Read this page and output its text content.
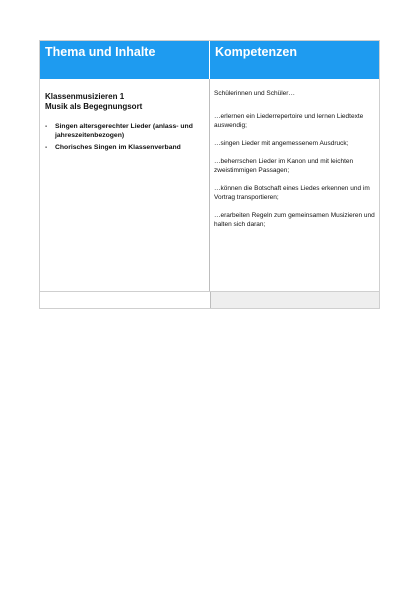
Thema und Inhalte	Kompetenzen
Klassenmusizieren 1
Musik als Begegnungsort
- Singen altersgerechter Lieder (anlass- und jahreszeitenbezogen)
- Chorisches Singen im Klassenverband

Schülerinnen und Schüler…

…erlernen ein Liederrepertoire und lernen Liedtexte auswendig;

…singen Lieder mit angemessenem Ausdruck;

…beherrschen Lieder im Kanon und mit leichten zweistimmigen Passagen;

…können die Botschaft eines Liedes erkennen und im Vortrag transportieren;

…erarbeiten Regeln zum gemeinsamen Musizieren und halten sich daran;
